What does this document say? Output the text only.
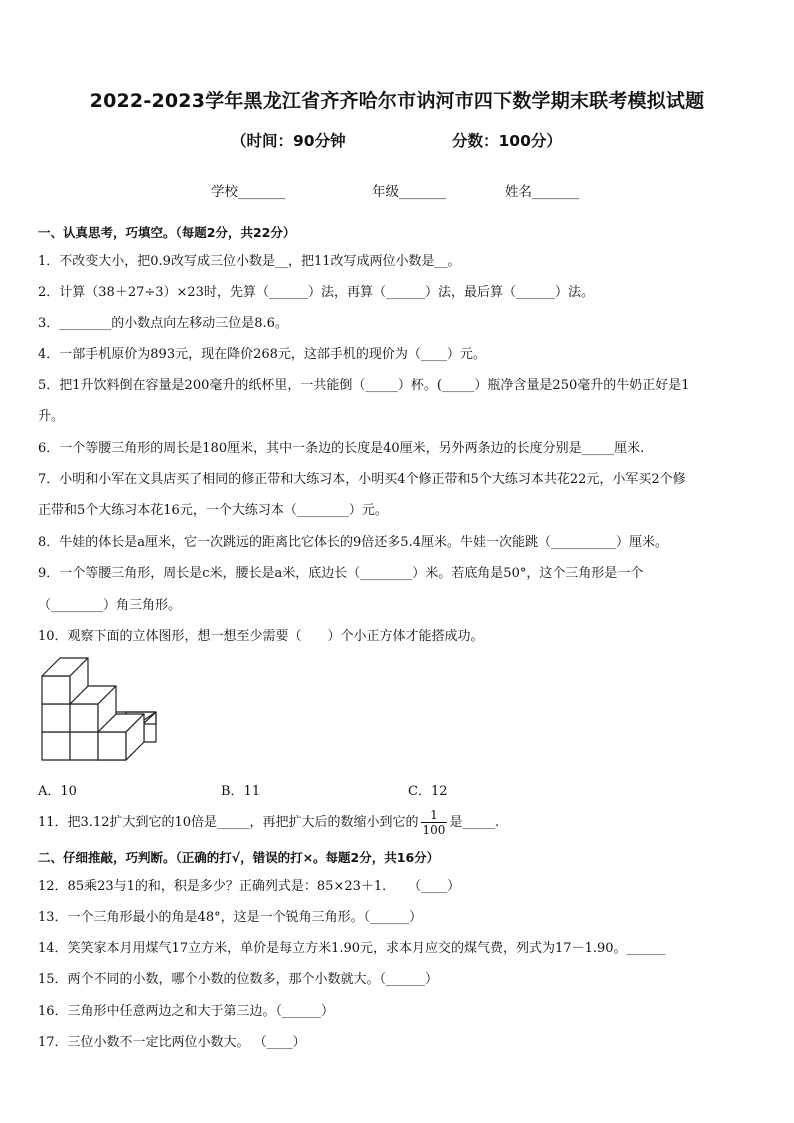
2022-2023学年黑龙江省齐齐哈尔市讷河市四下数学期末联考模拟试题
（时间：90分钟	分数：100分）
学校_______	年级_______	姓名_______
一、认真思考，巧填空。（每题2分，共22分）
1．不改变大小，把0.9改写成三位小数是__，把11改写成两位小数是__。
2．计算（38＋27÷3）×23时，先算（______）法，再算（______）法，最后算（______）法。
3．________的小数点向左移动三位是8.6。
4．一部手机原价为893元，现在降价268元，这部手机的现价为（____）元。
5．把1升饮料倒在容量是200毫升的纸杯里，一共能倒（_____）杯。(_____）瓶净含量是250毫升的牛奶正好是1
升。
6．一个等腰三角形的周长是180厘米，其中一条边的长度是40厘米，另外两条边的长度分别是_____厘米.
7．小明和小军在文具店买了相同的修正带和大练习本，小明买4个修正带和5个大练习本共花22元，小军买2个修
正带和5个大练习本花16元，一个大练习本（________）元。
8．牛娃的体长是a厘米，它一次跳远的距离比它体长的9倍还多5.4厘米。牛娃一次能跳（__________）厘米。
9．一个等腰三角形，周长是c米，腰长是a米，底边长（________）米。若底角是50°，这个三角形是一个
（________）角三角形。
10．观察下面的立体图形，想一想至少需要（　　）个小正方体才能搭成功。
A．10	B．11	C．12
11．把3.12扩大到它的10倍是_____，再把扩大后的数缩小到它的 $\frac{1}{100}$ 是_____.
二、仔细推敲，巧判断。（正确的打√，错误的打×。每题2分，共16分）
12．85乘23与1的和，积是多少？正确列式是：85×23＋1．　　（____）
13．一个三角形最小的角是48°，这是一个锐角三角形。（______）
14．笑笑家本月用煤气17立方米，单价是每立方米1.90元，求本月应交的煤气费，列式为17－1.90。______
15．两个不同的小数，哪个小数的位数多，那个小数就大。（______）
16．三角形中任意两边之和大于第三边。（______）
17．三位小数不一定比两位小数大。 （____）
